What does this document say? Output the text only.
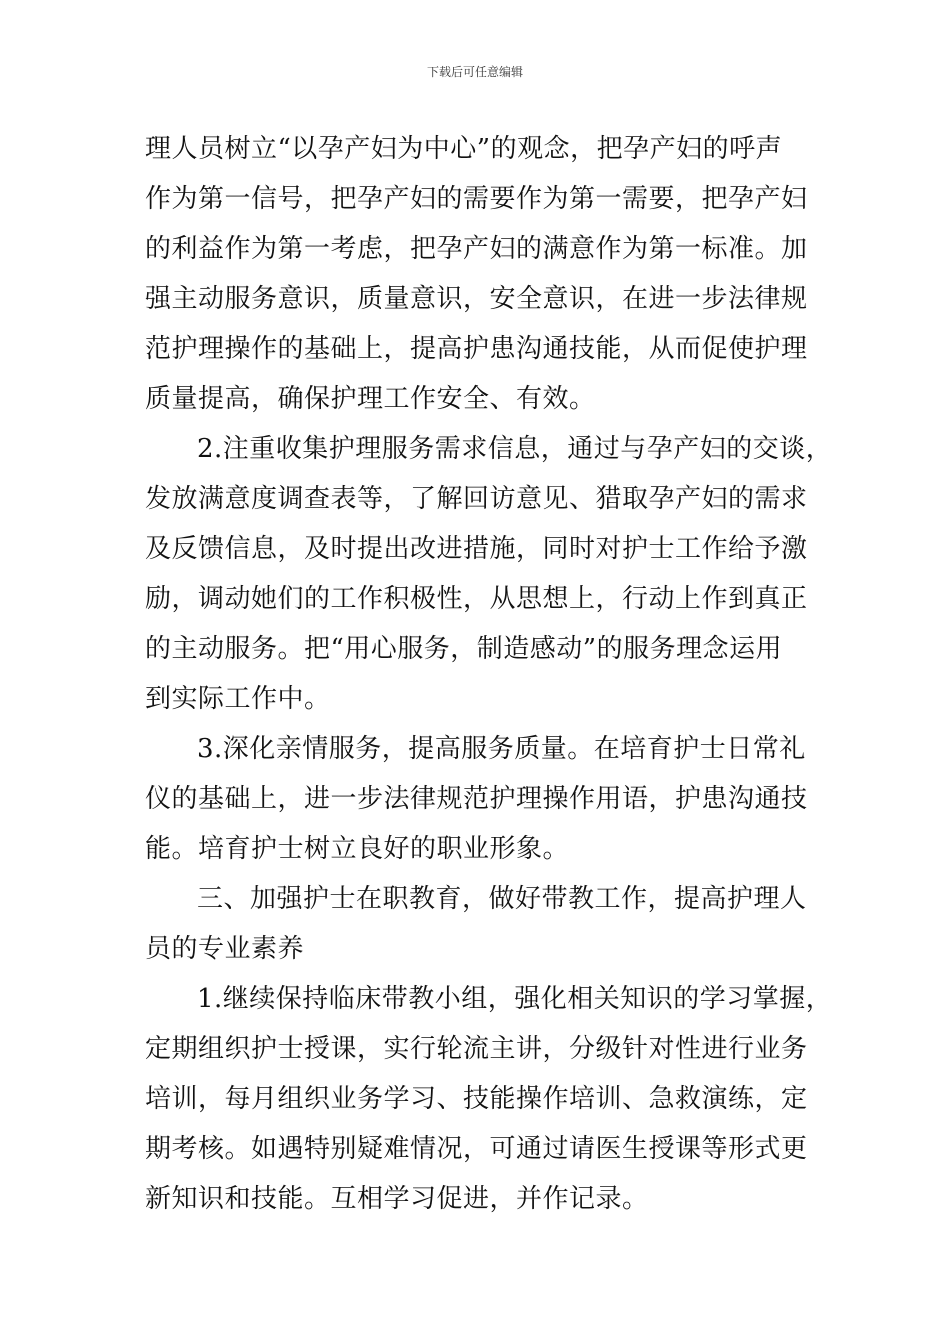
下载后可任意编辑
理人员树立“以孕产妇为中心”的观念，把孕产妇的呼声
作为第一信号，把孕产妇的需要作为第一需要，把孕产妇
的利益作为第一考虑，把孕产妇的满意作为第一标准。加
强主动服务意识，质量意识，安全意识，在进一步法律规
范护理操作的基础上，提高护患沟通技能，从而促使护理
质量提高，确保护理工作安全、有效。
2.注重收集护理服务需求信息，通过与孕产妇的交谈，
发放满意度调查表等，了解回访意见、猎取孕产妇的需求
及反馈信息，及时提出改进措施，同时对护士工作给予激
励，调动她们的工作积极性，从思想上，行动上作到真正
的主动服务。把“用心服务，制造感动”的服务理念运用
到实际工作中。
3.深化亲情服务，提高服务质量。在培育护士日常礼
仪的基础上，进一步法律规范护理操作用语，护患沟通技
能。培育护士树立良好的职业形象。
三、加强护士在职教育，做好带教工作，提高护理人
员的专业素养
1.继续保持临床带教小组，强化相关知识的学习掌握，
定期组织护士授课，实行轮流主讲，分级针对性进行业务
培训，每月组织业务学习、技能操作培训、急救演练，定
期考核。如遇特别疑难情况，可通过请医生授课等形式更
新知识和技能。互相学习促进，并作记录。
